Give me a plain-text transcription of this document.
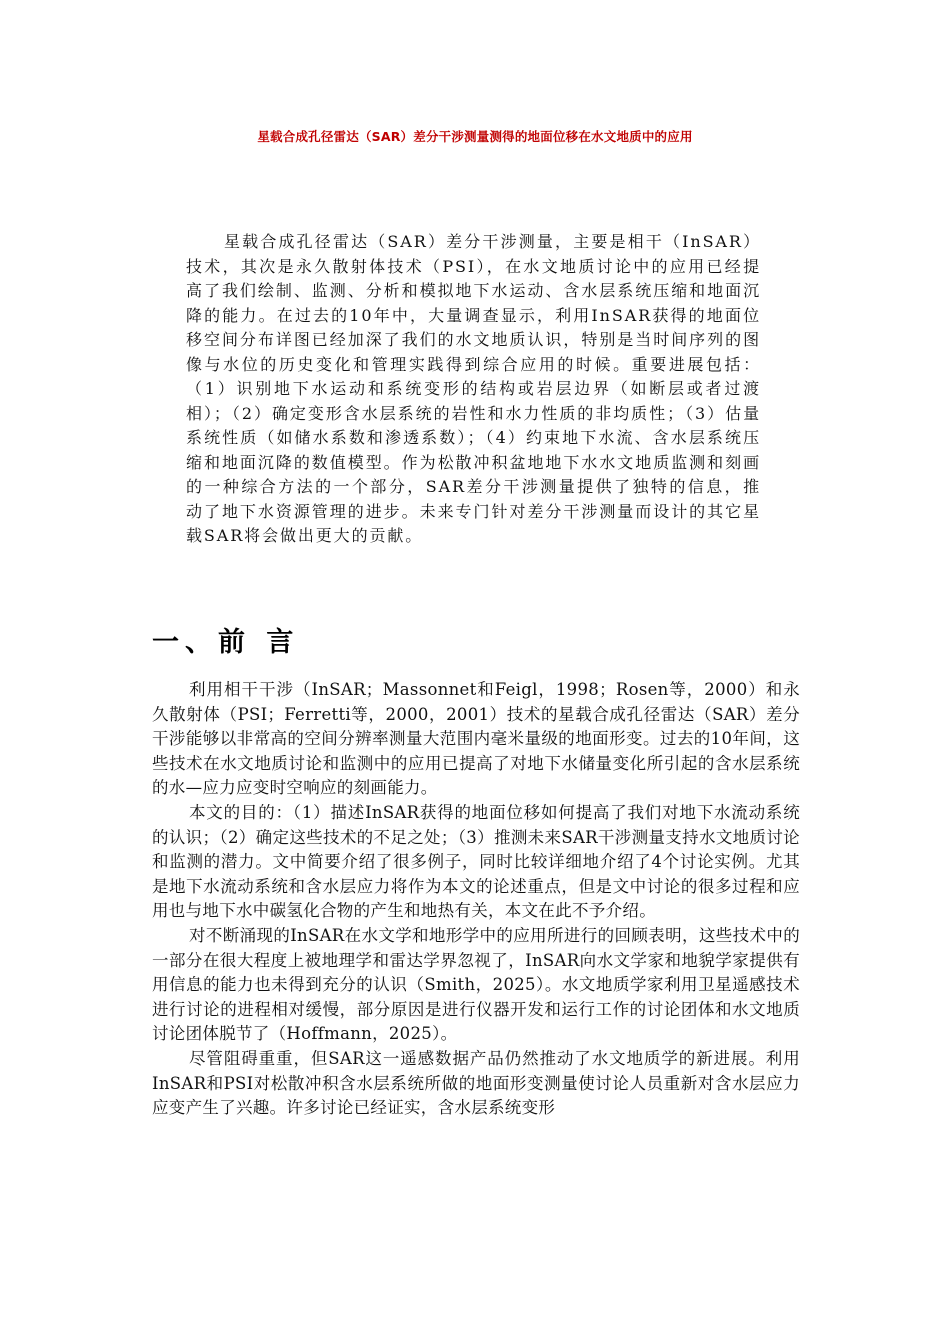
星载合成孔径雷达（SAR）差分干涉测量测得的地面位移在水文地质中的应用

星载合成孔径雷达（SAR）差分干涉测量，主要是相干（InSAR）技术，其次是永久散射体技术（PSI），在水文地质讨论中的应用已经提高了我们绘制、监测、分析和模拟地下水运动、含水层系统压缩和地面沉降的能力。在过去的10年中，大量调查显示，利用InSAR获得的地面位移空间分布详图已经加深了我们的水文地质认识，特别是当时间序列的图像与水位的历史变化和管理实践得到综合应用的时候。重要进展包括：（1）识别地下水运动和系统变形的结构或岩层边界（如断层或者过渡相）；（2）确定变形含水层系统的岩性和水力性质的非均质性；（3）估量系统性质（如储水系数和渗透系数）；（4）约束地下水流、含水层系统压缩和地面沉降的数值模型。作为松散冲积盆地地下水水文地质监测和刻画的一种综合方法的一个部分，SAR差分干涉测量提供了独特的信息，推动了地下水资源管理的进步。未来专门针对差分干涉测量而设计的其它星载SAR将会做出更大的贡献。

一、前 言

利用相干干涉（InSAR；Massonnet和Feigl，1998；Rosen等，2000）和永久散射体（PSI；Ferretti等，2000，2001）技术的星载合成孔径雷达（SAR）差分干涉能够以非常高的空间分辨率测量大范围内毫米量级的地面形变。过去的10年间，这些技术在水文地质讨论和监测中的应用已提高了对地下水储量变化所引起的含水层系统的水—应力应变时空响应的刻画能力。

本文的目的：（1）描述InSAR获得的地面位移如何提高了我们对地下水流动系统的认识；（2）确定这些技术的不足之处；（3）推测未来SAR干涉测量支持水文地质讨论和监测的潜力。文中简要介绍了很多例子，同时比较详细地介绍了4个讨论实例。尤其是地下水流动系统和含水层应力将作为本文的论述重点，但是文中讨论的很多过程和应用也与地下水中碳氢化合物的产生和地热有关，本文在此不予介绍。

对不断涌现的InSAR在水文学和地形学中的应用所进行的回顾表明，这些技术中的一部分在很大程度上被地理学和雷达学界忽视了，InSAR向水文学家和地貌学家提供有用信息的能力也未得到充分的认识（Smith，2025）。水文地质学家利用卫星遥感技术进行讨论的进程相对缓慢，部分原因是进行仪器开发和运行工作的讨论团体和水文地质讨论团体脱节了（Hoffmann，2025）。

尽管阻碍重重，但SAR这一遥感数据产品仍然推动了水文地质学的新进展。利用InSAR和PSI对松散冲积含水层系统所做的地面形变测量使讨论人员重新对含水层应力应变产生了兴趣。许多讨论已经证实，含水层系统变形
